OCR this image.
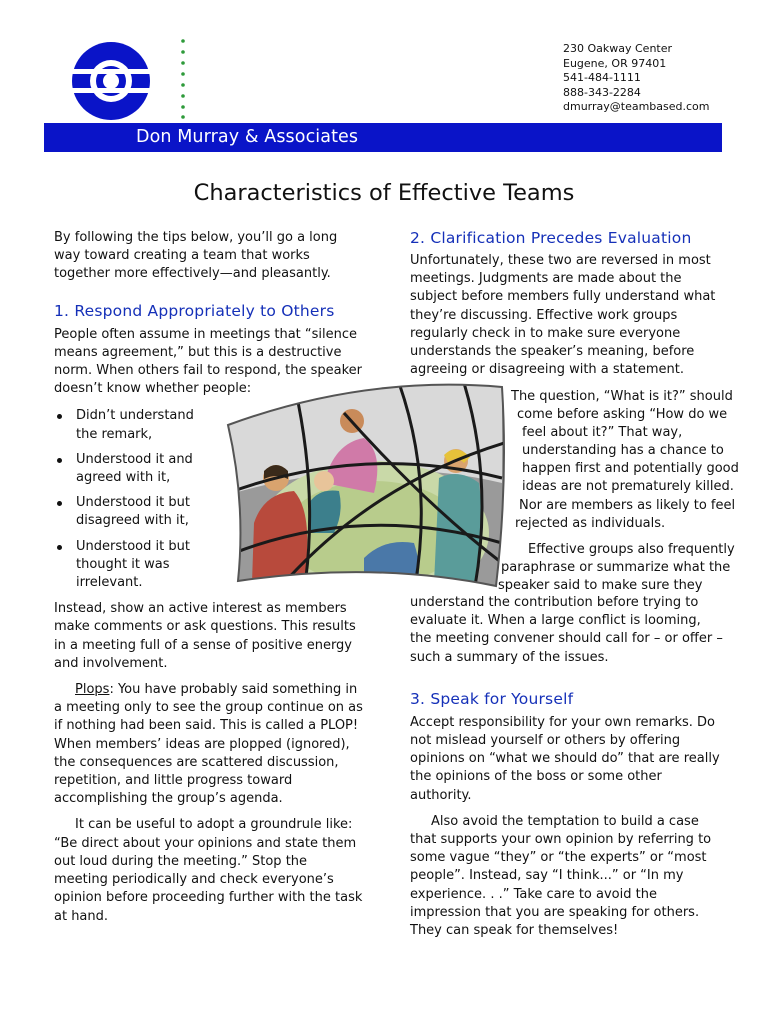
230 Oakway Center
Eugene, OR 97401
541-484-1111
888-343-2284
dmurray@teambased.com
Don Murray & Associates
Characteristics of Effective Teams

By following the tips below, you’ll go a long way toward creating a team that works together more effectively—and pleasantly.

1. Respond Appropriately to Others

People often assume in meetings that “silence means agreement,” but this is a destructive norm. When others fail to respond, the speaker doesn’t know whether people:

Didn’t understand the remark,
Understood it and agreed with it,
Understood it but disagreed with it,
Understood it but thought it was irrelevant.

Instead, show an active interest as members make comments or ask questions. This results in a meeting full of a sense of positive energy and involvement.

Plops: You have probably said something in a meeting only to see the group continue on as if nothing had been said. This is called a PLOP! When members’ ideas are plopped (ignored), the consequences are scattered discussion, repetition, and little progress toward accomplishing the group’s agenda.

It can be useful to adopt a groundrule like: “Be direct about your opinions and state them out loud during the meeting.” Stop the meeting periodically and check everyone’s opinion before proceeding further with the task at hand.

2. Clarification Precedes Evaluation

Unfortunately, these two are reversed in most meetings. Judgments are made about the subject before members fully understand what they’re discussing. Effective work groups regularly check in to make sure everyone understands the speaker’s meaning, before agreeing or disagreeing with a statement.

The question, “What is it?” should
come before asking “How do we
feel about it?” That way,
understanding has a chance to
happen first and potentially good
ideas are not prematurely killed.
Nor are members as likely to feel
rejected as individuals.
Effective groups also frequently
paraphrase or summarize what the
speaker said to make sure they

understand the contribution before trying to evaluate it. When a large conflict is looming, the meeting convener should call for – or offer – such a summary of the issues.

3. Speak for Yourself

Accept responsibility for your own remarks. Do not mislead yourself or others by offering opinions on “what we should do” that are really the opinions of the boss or some other authority.

Also avoid the temptation to build a case that supports your own opinion by referring to some vague “they” or “the experts” or “most people”. Instead, say “I think...” or “In my experience. . .” Take care to avoid the impression that you are speaking for others. They can speak for themselves!
